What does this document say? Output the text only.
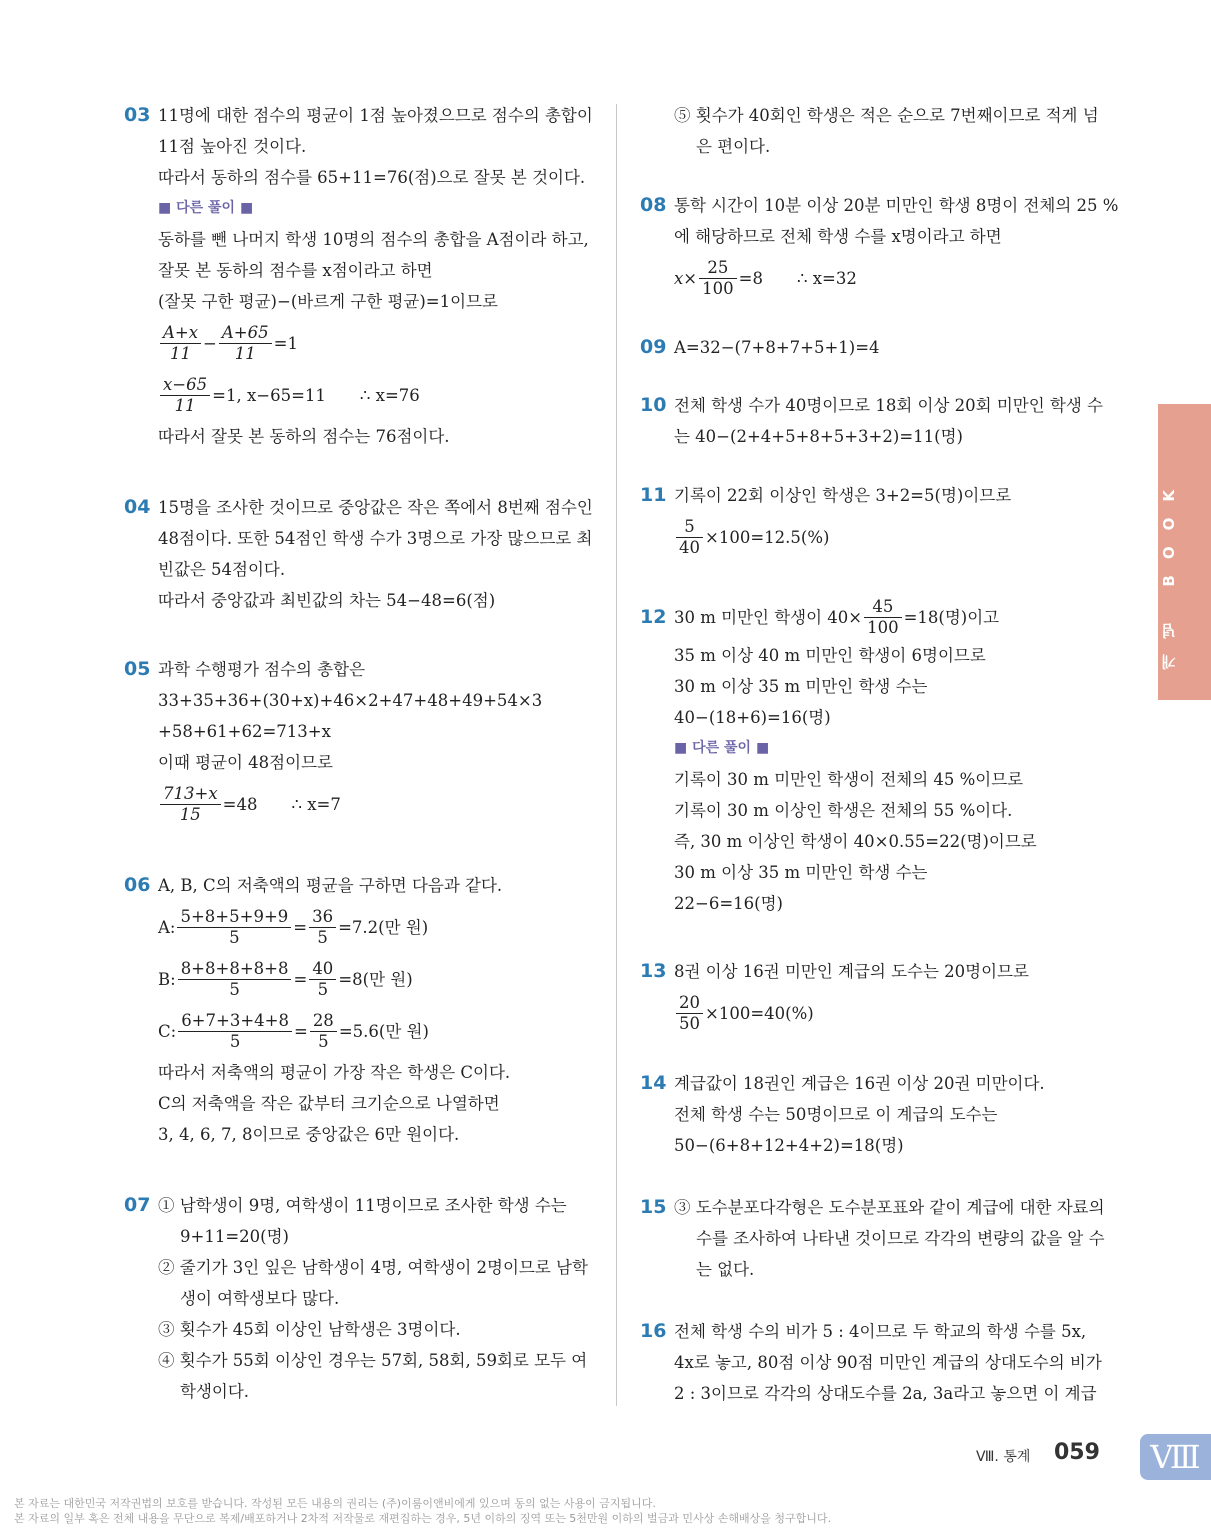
03 11명에 대한 점수의 평균이 1점 높아졌으므로 점수의 총합이
11점 높아진 것이다.
따라서 동하의 점수를 65+11=76(점)으로 잘못 본 것이다.
■ 다른 풀이 ■
동하를 뺀 나머지 학생 10명의 점수의 총합을 A점이라 하고,
잘못 본 동하의 점수를 x점이라고 하면
(잘못 구한 평균)−(바르게 구한 평균)=1이므로
$\frac{A+x}{11} - \frac{A+65}{11} =1$
$\frac{x-65}{11} =1$, x−65=11 ∴ x=76
따라서 잘못 본 동하의 점수는 76점이다.
04 15명을 조사한 것이므로 중앙값은 작은 쪽에서 8번째 점수인
48점이다. 또한 54점인 학생 수가 3명으로 가장 많으므로 최
빈값은 54점이다.
따라서 중앙값과 최빈값의 차는 54−48=6(점)
05 과학 수행평가 점수의 총합은
33+35+36+(30+x)+46×2+47+48+49+54×3
+58+61+62=713+x
이때 평균이 48점이므로
$\frac{713+x}{15} =48$ ∴ x=7
06 A, B, C의 저축액의 평균을 구하면 다음과 같다.
A: $\frac{5+8+5+9+9}{5} = \frac{36}{5} =7.2$(만 원)
B: $\frac{8+8+8+8+8}{5} = \frac{40}{5} =8$(만 원)
C: $\frac{6+7+3+4+8}{5} = \frac{28}{5} =5.6$(만 원)
따라서 저축액의 평균이 가장 작은 학생은 C이다.
C의 저축액을 작은 값부터 크기순으로 나열하면
3, 4, 6, 7, 8이므로 중앙값은 6만 원이다.
07 ① 남학생이 9명, 여학생이 11명이므로 조사한 학생 수는
9+11=20(명)
② 줄기가 3인 잎은 남학생이 4명, 여학생이 2명이므로 남학
생이 여학생보다 많다.
③ 횟수가 45회 이상인 남학생은 3명이다.
④ 횟수가 55회 이상인 경우는 57회, 58회, 59회로 모두 여
학생이다.
⑤ 횟수가 40회인 학생은 적은 순으로 7번째이므로 적게 넘
은 편이다.
08 통학 시간이 10분 이상 20분 미만인 학생 8명이 전체의 25 %
에 해당하므로 전체 학생 수를 x명이라고 하면
$x\times \frac{25}{100} =8$ ∴ x=32
09 A=32−(7+8+7+5+1)=4
10 전체 학생 수가 40명이므로 18회 이상 20회 미만인 학생 수
는 40−(2+4+5+8+5+3+2)=11(명)
11 기록이 22회 이상인 학생은 3+2=5(명)이므로
$\frac{5}{40} \times 100=12.5(\%)$
12 30 m 미만인 학생이 $40\times \frac{45}{100} =18$(명)이고
35 m 이상 40 m 미만인 학생이 6명이므로
30 m 이상 35 m 미만인 학생 수는
40−(18+6)=16(명)
■ 다른 풀이 ■
기록이 30 m 미만인 학생이 전체의 45 %이므로
기록이 30 m 이상인 학생은 전체의 55 %이다.
즉, 30 m 이상인 학생이 40×0.55=22(명)이므로
30 m 이상 35 m 미만인 학생 수는
22−6=16(명)
13 8권 이상 16권 미만인 계급의 도수는 20명이므로
$\frac{20}{50} \times 100=40(\%)$
14 계급값이 18권인 계급은 16권 이상 20권 미만이다.
전체 학생 수는 50명이므로 이 계급의 도수는
50−(6+8+12+4+2)=18(명)
15 ③ 도수분포다각형은 도수분포표와 같이 계급에 대한 자료의
수를 조사하여 나타낸 것이므로 각각의 변량의 값을 알 수
는 없다.
16 전체 학생 수의 비가 5 : 4이므로 두 학교의 학생 수를 5x,
4x로 놓고, 80점 이상 90점 미만인 계급의 상대도수의 비가
2 : 3이므로 각각의 상대도수를 2a, 3a라고 놓으면 이 계급
개념 BOOK
Ⅷ. 통계 059	Ⅷ
본 자료는 대한민국 저작권법의 보호를 받습니다. 작성된 모든 내용의 권리는 (주)이룸이앤비에게 있으며 동의 없는 사용이 금지됩니다.
본 자료의 일부 혹은 전체 내용을 무단으로 복제/배포하거나 2차적 저작물로 재편집하는 경우, 5년 이하의 징역 또는 5천만원 이하의 벌금과 민사상 손해배상을 청구합니다.
